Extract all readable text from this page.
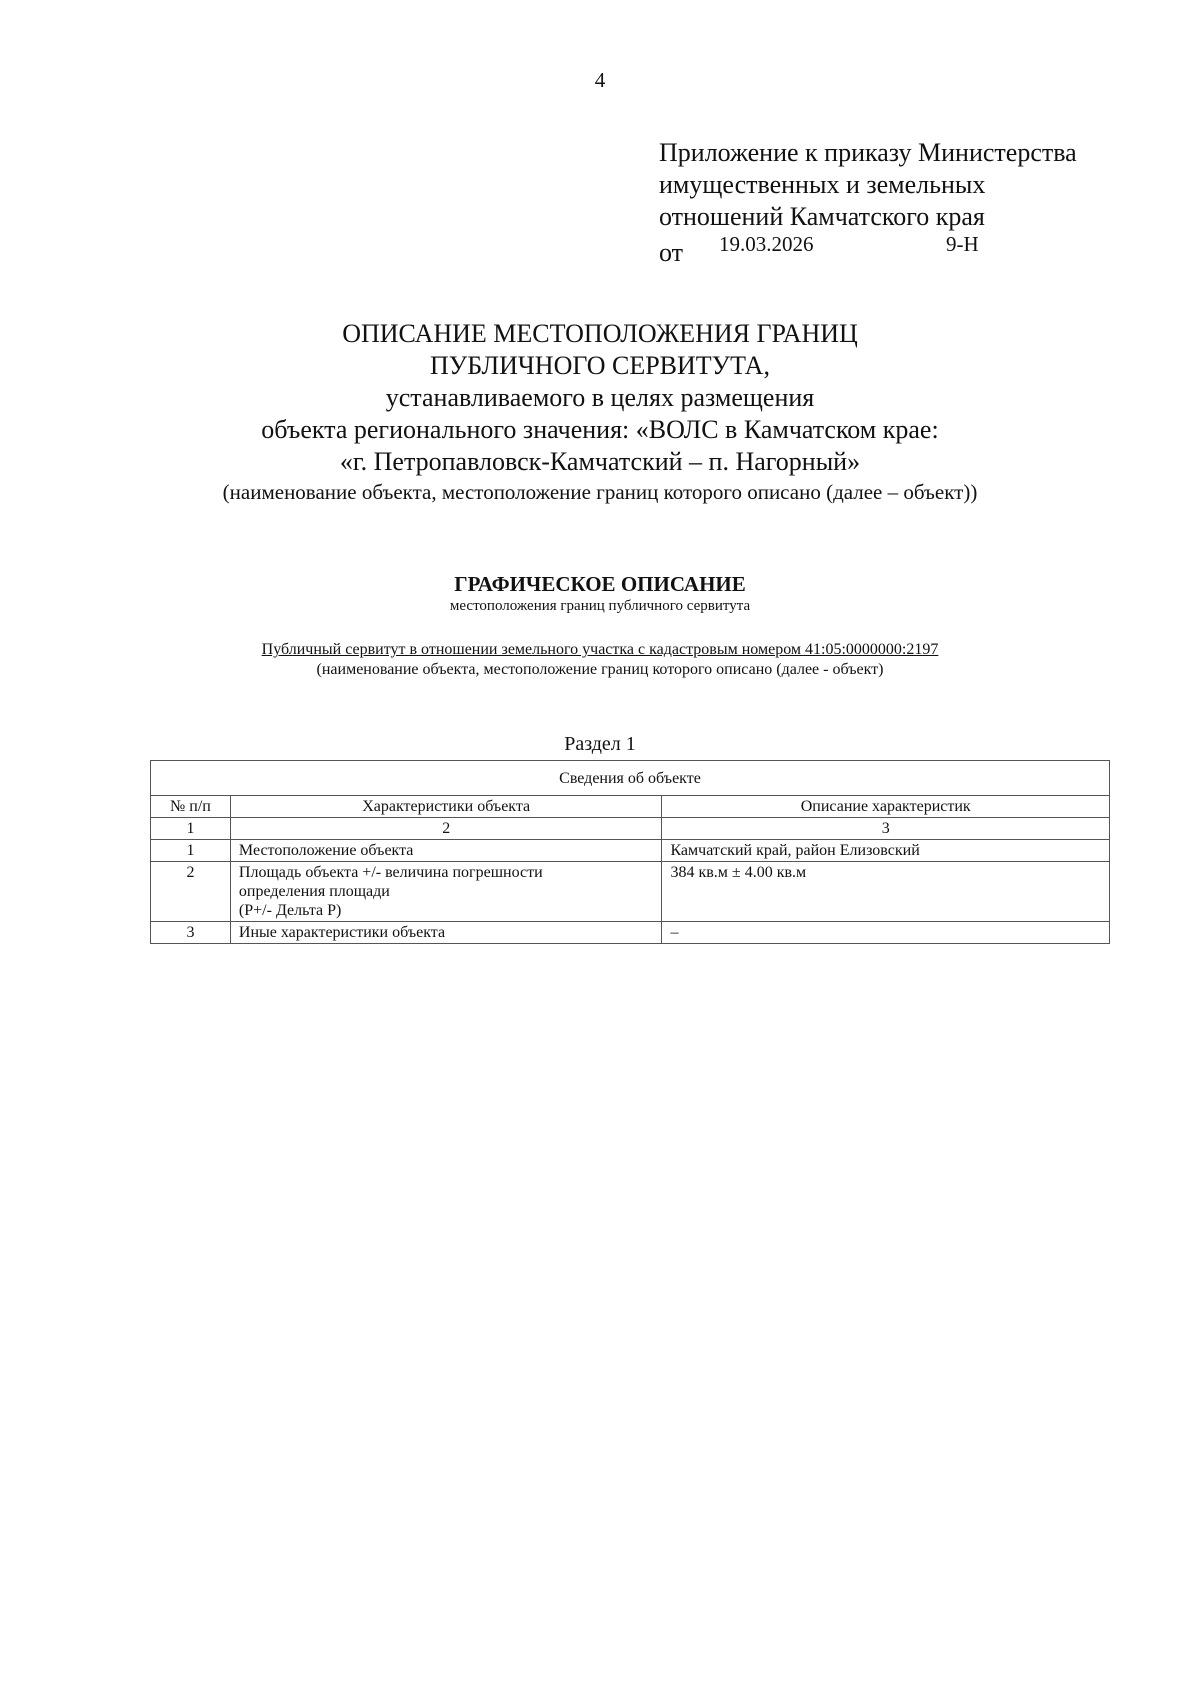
4
Приложение к приказу Министерства
имущественных и земельных
отношений Камчатского края
от 19.03.2026	9-Н
ОПИСАНИЕ МЕСТОПОЛОЖЕНИЯ ГРАНИЦ
ПУБЛИЧНОГО СЕРВИТУТА,
устанавливаемого в целях размещения
объекта регионального значения: «ВОЛС в Камчатском крае:
«г. Петропавловск-Камчатский – п. Нагорный»
(наименование объекта, местоположение границ которого описано (далее – объект))
ГРАФИЧЕСКОЕ ОПИСАНИЕ
местоположения границ публичного сервитута
Публичный сервитут в отношении земельного участка с кадастровым номером 41:05:0000000:2197
(наименование объекта, местоположение границ которого описано (далее - объект)
Раздел 1
Сведения об объекте		
№ п/п	Характеристики объекта	Описание характеристик
1	2	3
1	Местоположение объекта	Камчатский край, район Елизовский
2	Площадь объекта +/- величина погрешности
определения площади
(Р+/- Дельта Р)	384 кв.м ± 4.00 кв.м
3	Иные характеристики объекта	–
